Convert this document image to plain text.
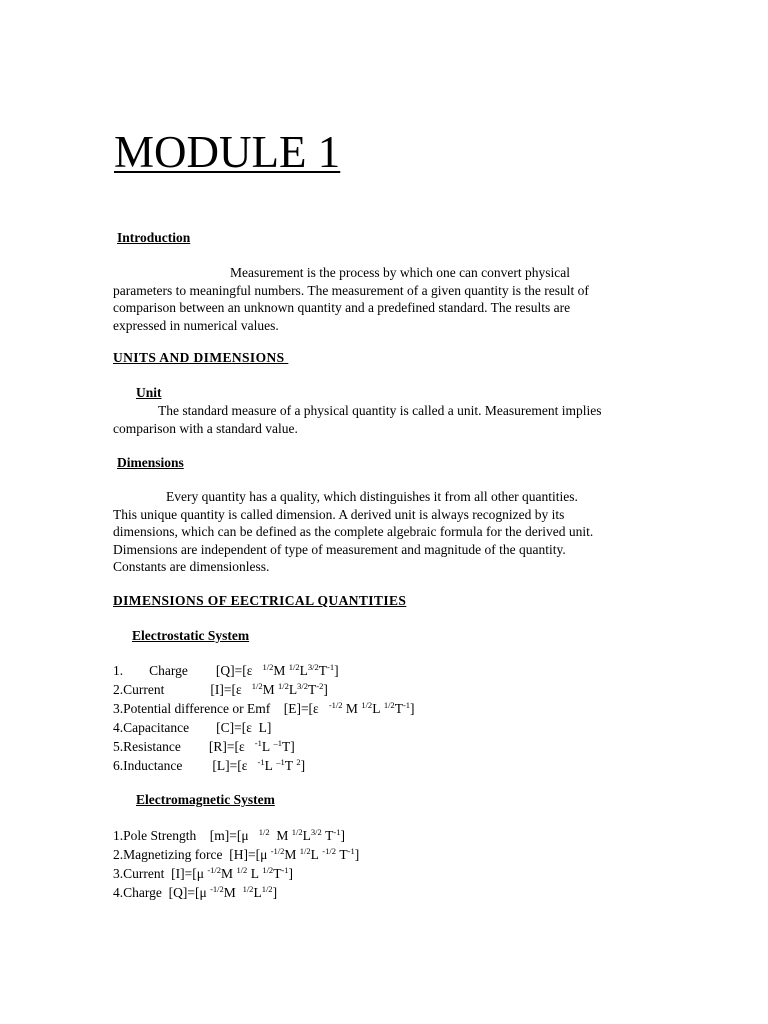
MODULE 1
Introduction
Measurement is the process by which one can convert physical
parameters to meaningful numbers. The measurement of a given quantity is the result of
comparison between an unknown quantity and a predefined standard. The results are
expressed in numerical values.
UNITS AND DIMENSIONS
Unit
The standard measure of a physical quantity is called a unit. Measurement implies
comparison with a standard value.
Dimensions
Every quantity has a quality, which distinguishes it from all other quantities.
This unique quantity is called dimension. A derived unit is always recognized by its
dimensions, which can be defined as the complete algebraic formula for the derived unit.
Dimensions are independent of type of measurement and magnitude of the quantity.
Constants are dimensionless.
DIMENSIONS OF EECTRICAL QUANTITIES
Electrostatic System
1. Charge [Q]=[ε $^{1/2}$M $^{1/2}L^{3/2}T^{-1}$]
2.Current	[I]=[ε $^{1/2}$M $^{1/2}L^{3/2}T^{-2}$]
3.Potential difference or Emf [E]=[ε $^{-1/2}$ M $^{1/2}$L $^{1/2}T^{-1}$]
4.Capacitance [C]=[ε  L]
5.Resistance [R]=[ε $^{-1}$L $^{-1}$T]
6.Inductance [L]=[ε $^{-1}$L $^{-1}$T $^2$]
Electromagnetic System
1.Pole Strength [m]=[μ $^{1/2}$ M $^{1/2}L^{3/2}$ $T^{-1}$]
2.Magnetizing force [H]=[μ $^{-1/2}$M $^{1/2}$L $^{-1/2}$ $T^{-1}$]
3.Current [I]=[μ $^{-1/2}$M $^{1/2}$ L $^{1/2}T^{-1}$]
4.Charge [Q]=[μ $^{-1/2}$M $^{1/2}L^{1/2}$]
